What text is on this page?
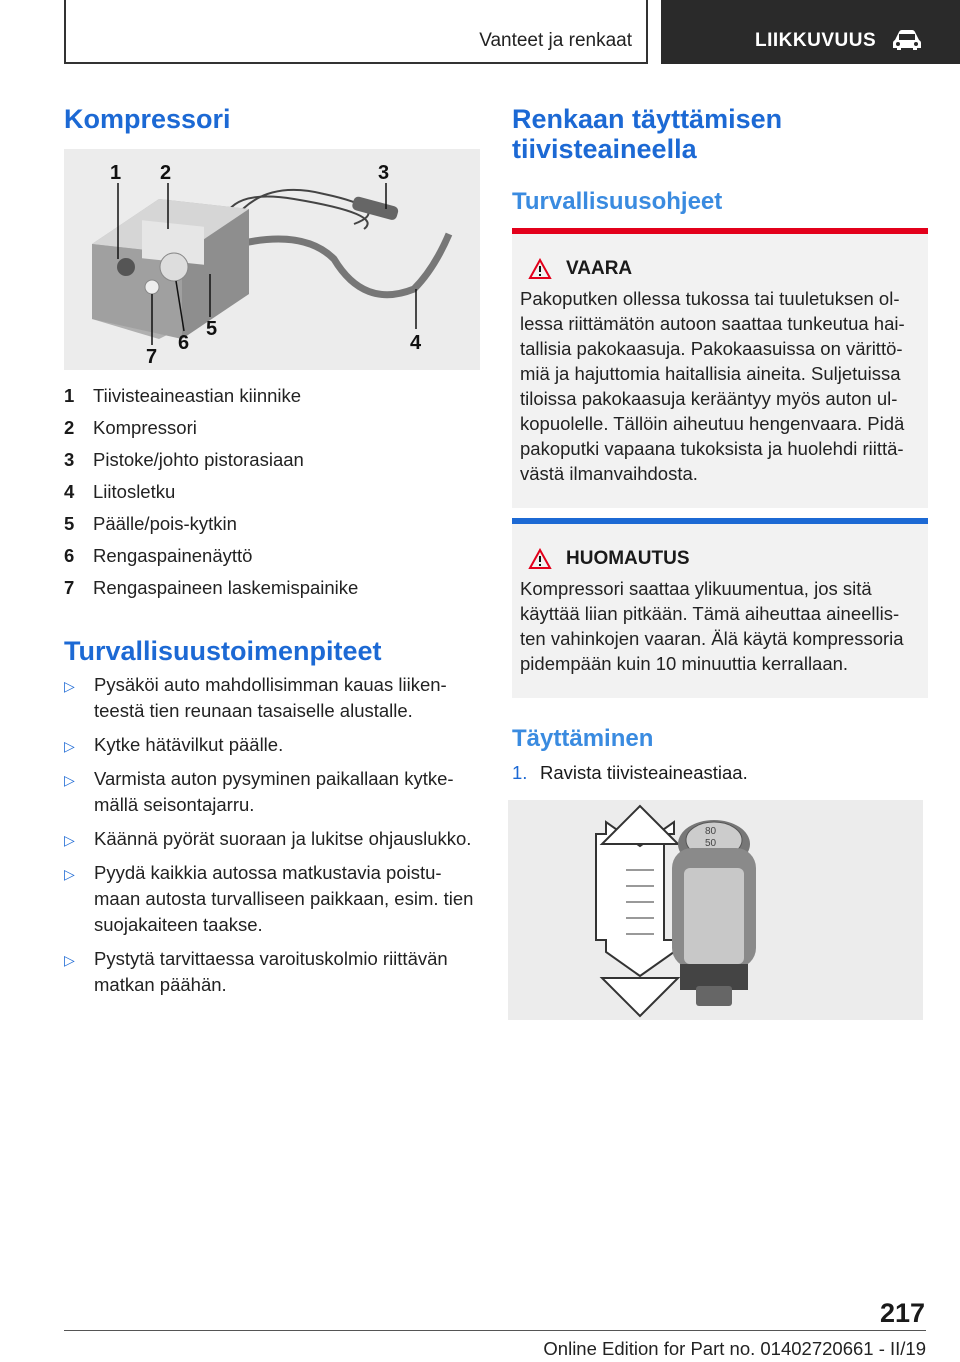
Vanteet ja renkaat	LIIKKUVUUS
Kompressori
1 2	3
4
5
6
7
1	Tiivisteaineastian kiinnike
2	Kompressori
3	Pistoke/johto pistorasiaan
4	Liitosletku
5	Päälle/pois-kytkin
6	Rengaspainenäyttö
7	Rengaspaineen laskemispainike
Turvallisuustoimenpiteet
▷ Pysäköi auto mahdollisimman kauas liiken- teestä tien reunaan tasaiselle alustalle.
▷ Kytke hätävilkut päälle.
▷ Varmista auton pysyminen paikallaan kytke- mällä seisontajarru.
▷ Käännä pyörät suoraan ja lukitse ohjauslukko.
▷ Pyydä kaikkia autossa matkustavia poistu- maan autosta turvalliseen paikkaan, esim. tien suojakaiteen taakse.
▷ Pystytä tarvittaessa varoituskolmio riittävän matkan päähän.
Renkaan täyttämisen tiivisteaineella
Turvallisuusohjeet
VAARA
Pakoputken ollessa tukossa tai tuuletuksen ol- lessa riittämätön autoon saattaa tunkeutua hai- tallisia pakokaasuja. Pakokaasuissa on värittö- miä ja hajuttomia haitallisia aineita. Suljetuissa tiloissa pakokaasuja kerääntyy myös auton ul- kopuolelle. Tällöin aiheutuu hengenvaara. Pidä pakoputki vapaana tukoksista ja huolehdi riittä- västä ilmanvaihdosta.
HUOMAUTUS
Kompressori saattaa ylikuumentua, jos sitä käyttää liian pitkään. Tämä aiheuttaa aineellis- ten vahinkojen vaaran. Älä käytä kompressoria pidempään kuin 10 minuuttia kerrallaan.
Täyttäminen
1. Ravista tiivisteaineastiaa.
80
50
217
Online Edition for Part no. 01402720661 - II/19
